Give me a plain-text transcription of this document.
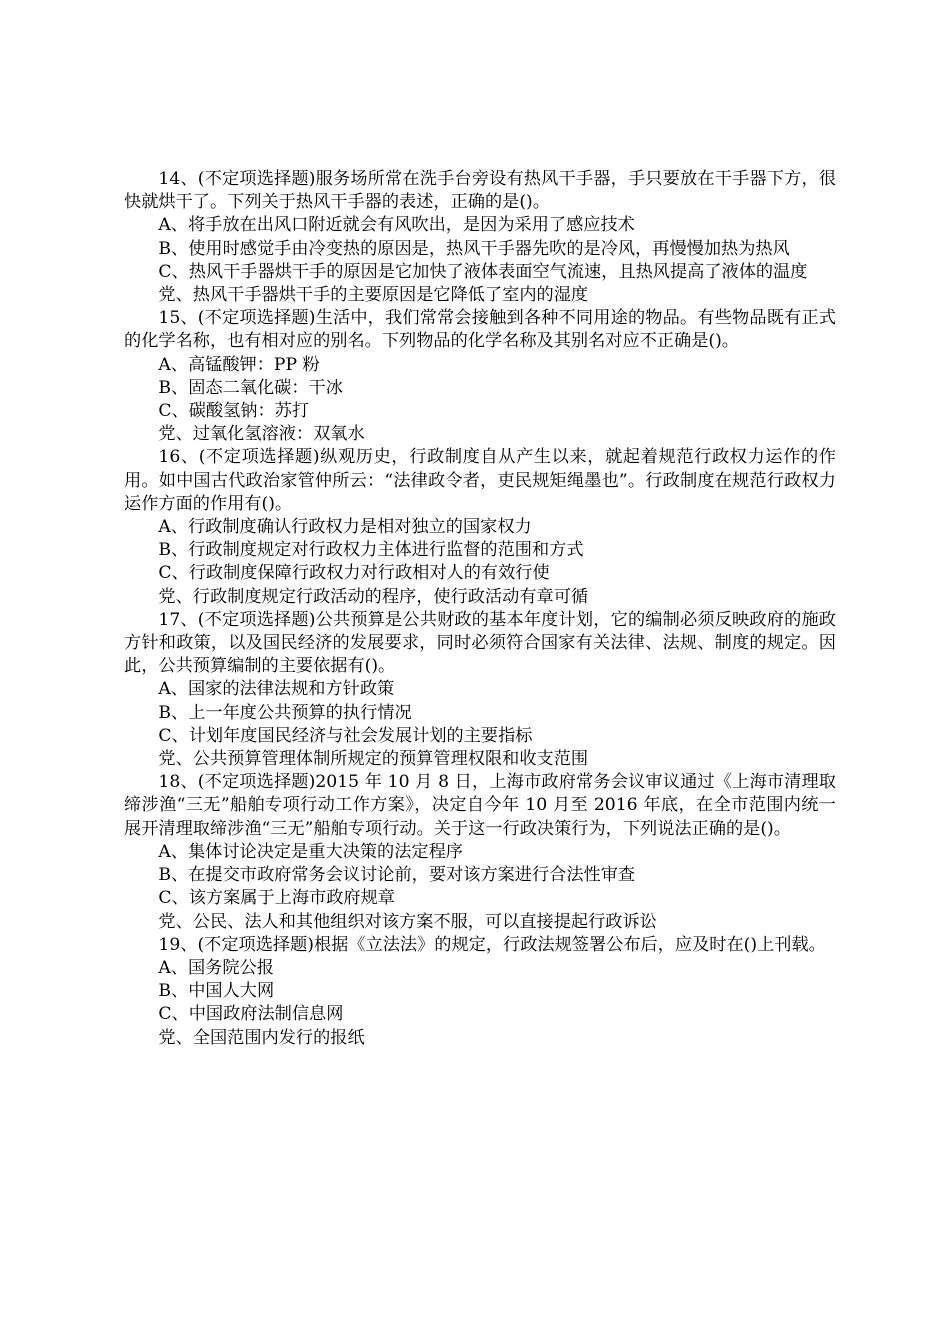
14、(不定项选择题)服务场所常在洗手台旁设有热风干手器，手只要放在干手器下方，很快就烘干了。下列关于热风干手器的表述，正确的是()。

A、将手放在出风口附近就会有风吹出，是因为采用了感应技术

B、使用时感觉手由冷变热的原因是，热风干手器先吹的是冷风，再慢慢加热为热风

C、热风干手器烘干手的原因是它加快了液体表面空气流速，且热风提高了液体的温度

党、热风干手器烘干手的主要原因是它降低了室内的湿度

15、(不定项选择题)生活中，我们常常会接触到各种不同用途的物品。有些物品既有正式的化学名称，也有相对应的别名。下列物品的化学名称及其别名对应不正确是()。

A、高锰酸钾：PP 粉

B、固态二氧化碳：干冰

C、碳酸氢钠：苏打

党、过氧化氢溶液：双氧水

16、(不定项选择题)纵观历史，行政制度自从产生以来，就起着规范行政权力运作的作用。如中国古代政治家管仲所云：“法律政令者，吏民规矩绳墨也”。行政制度在规范行政权力运作方面的作用有()。

A、行政制度确认行政权力是相对独立的国家权力

B、行政制度规定对行政权力主体进行监督的范围和方式

C、行政制度保障行政权力对行政相对人的有效行使

党、行政制度规定行政活动的程序，使行政活动有章可循

17、(不定项选择题)公共预算是公共财政的基本年度计划，它的编制必须反映政府的施政方针和政策，以及国民经济的发展要求，同时必须符合国家有关法律、法规、制度的规定。因此，公共预算编制的主要依据有()。

A、国家的法律法规和方针政策

B、上一年度公共预算的执行情况

C、计划年度国民经济与社会发展计划的主要指标

党、公共预算管理体制所规定的预算管理权限和收支范围

18、(不定项选择题)2015 年 10 月 8 日，上海市政府常务会议审议通过《上海市清理取缔涉渔“三无”船舶专项行动工作方案》，决定自今年 10 月至 2016 年底，在全市范围内统一展开清理取缔涉渔“三无”船舶专项行动。关于这一行政决策行为，下列说法正确的是()。

A、集体讨论决定是重大决策的法定程序

B、在提交市政府常务会议讨论前，要对该方案进行合法性审查

C、该方案属于上海市政府规章

党、公民、法人和其他组织对该方案不服，可以直接提起行政诉讼

19、(不定项选择题)根据《立法法》的规定，行政法规签署公布后，应及时在()上刊载。

A、国务院公报

B、中国人大网

C、中国政府法制信息网

党、全国范围内发行的报纸
